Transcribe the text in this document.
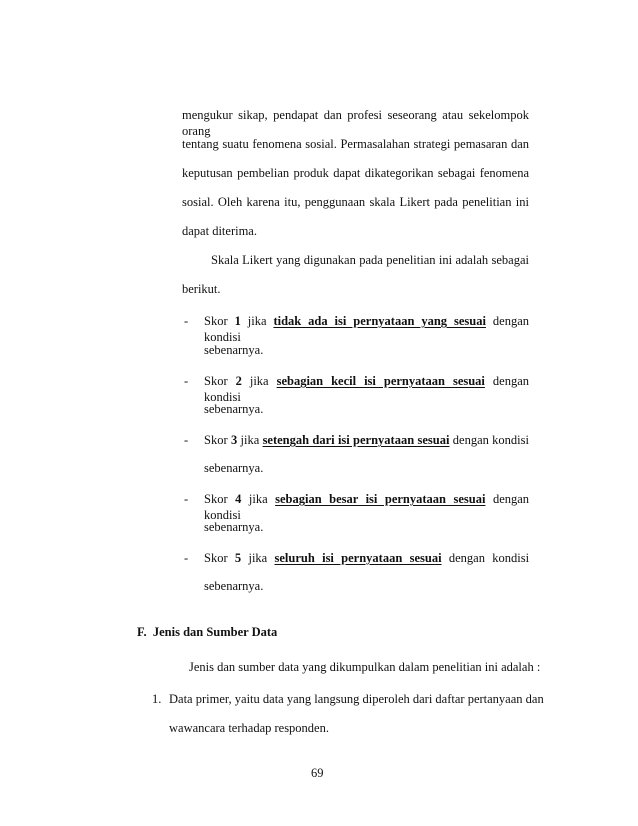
mengukur sikap, pendapat dan profesi seseorang atau sekelompok orang
tentang suatu fenomena sosial. Permasalahan strategi pemasaran dan
keputusan pembelian produk dapat dikategorikan sebagai fenomena
sosial. Oleh karena itu, penggunaan skala Likert pada penelitian ini
dapat diterima.
Skala Likert yang digunakan pada penelitian ini adalah sebagai
berikut.
- Skor 1 jika tidak ada isi pernyataan yang sesuai dengan kondisi
sebenarnya.
- Skor 2 jika sebagian kecil isi pernyataan sesuai dengan kondisi
sebenarnya.
- Skor 3 jika setengah dari isi pernyataan sesuai dengan kondisi
sebenarnya.
- Skor 4 jika sebagian besar isi pernyataan sesuai dengan kondisi
sebenarnya.
- Skor 5 jika seluruh isi pernyataan sesuai dengan kondisi
sebenarnya.
F.  Jenis dan Sumber Data
Jenis dan sumber data yang dikumpulkan dalam penelitian ini adalah :
1. Data primer, yaitu data yang langsung diperoleh dari daftar pertanyaan dan
wawancara terhadap responden.
69
